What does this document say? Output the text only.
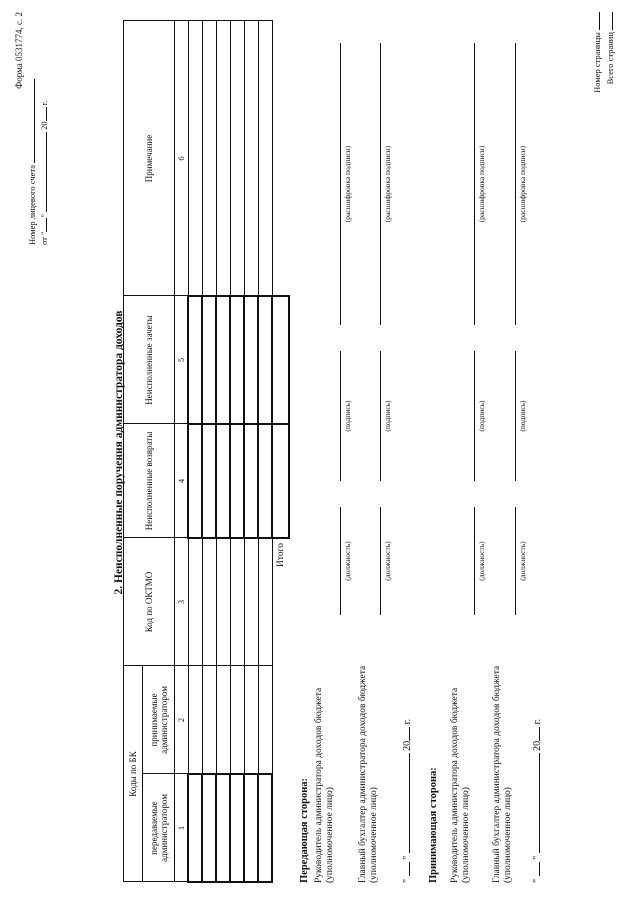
Форма 0531774, с. 2
Номер лицевого счета от ""  20 г.
2. Неисполненные поручения администратора доходов
Коды по БК		Код по ОКТМО	Неисполненные возвраты	Неисполненные зачеты	Примечание
передаваемые администратором	принимаемые администратором				
1	2	3	4	5	6

Итого					
Передающая сторона: Руководитель администратора доходов бюджета (уполномоченное лицо)
(должность)
(подпись)
(расшифровка подписи)
Главный бухгалтер администратора доходов бюджета (уполномоченное лицо)
(должность)
(подпись)
(расшифровка подписи)
"  "  20 г.
Принимающая сторона: Руководитель администратора доходов бюджета (уполномоченное лицо)
(должность)
(подпись)
(расшифровка подписи)
Главный бухгалтер администратора доходов бюджета (уполномоченное лицо)
(должность)
(подпись)
(расшифровка подписи)
"  "  20 г.
Номер страницы Всего страниц
